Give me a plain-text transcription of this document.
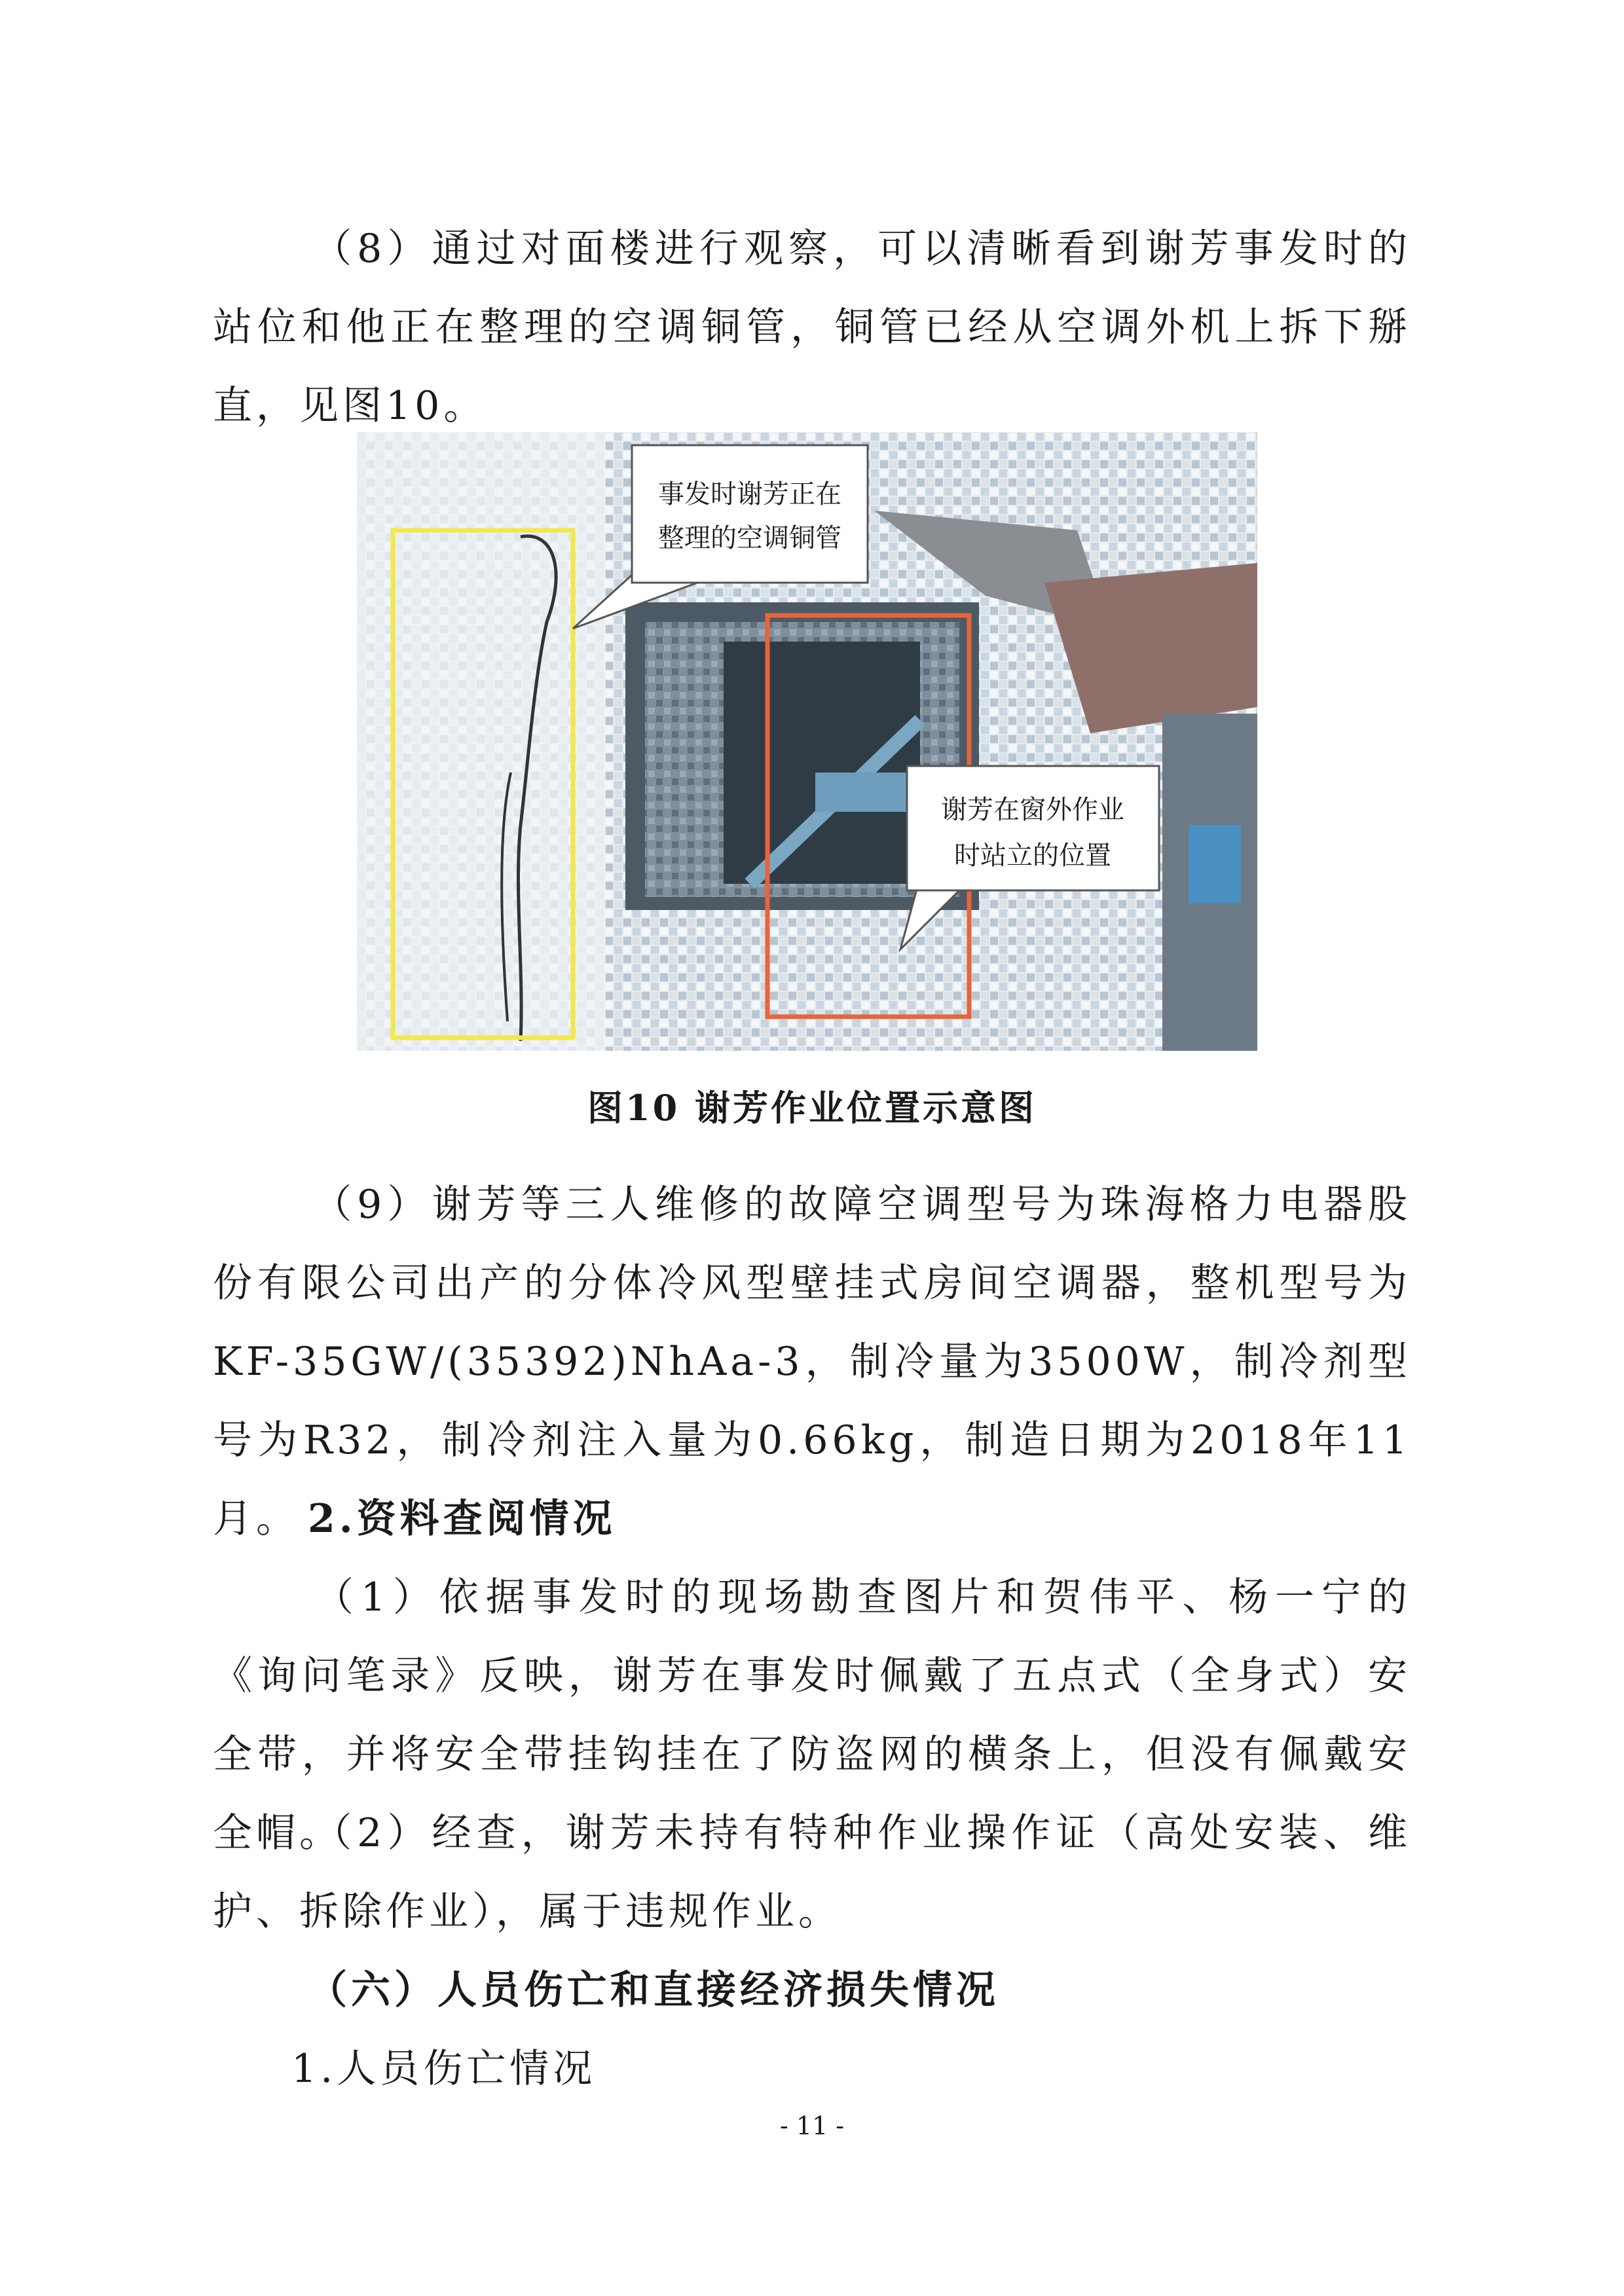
（8）通过对面楼进行观察，可以清晰看到谢芳事发时的站位和他正在整理的空调铜管，铜管已经从空调外机上拆下掰直，见图10。

事发时谢芳正在
整理的空调铜管
谢芳在窗外作业
时站立的位置

图10 谢芳作业位置示意图

（9）谢芳等三人维修的故障空调型号为珠海格力电器股份有限公司出产的分体冷风型壁挂式房间空调器，整机型号为KF-35GW/(35392)NhAa-3，制冷量为3500W，制冷剂型号为R32，制冷剂注入量为0.66kg，制造日期为2018年11月。 2.资料查阅情况

（1）依据事发时的现场勘查图片和贺伟平、杨一宁的《询问笔录》反映，谢芳在事发时佩戴了五点式（全身式）安全带，并将安全带挂钩挂在了防盗网的横条上，但没有佩戴安全帽。

（2）经查，谢芳未持有特种作业操作证（高处安装、维护、拆除作业），属于违规作业。

（六）人员伤亡和直接经济损失情况

1.人员伤亡情况

- 11 -
